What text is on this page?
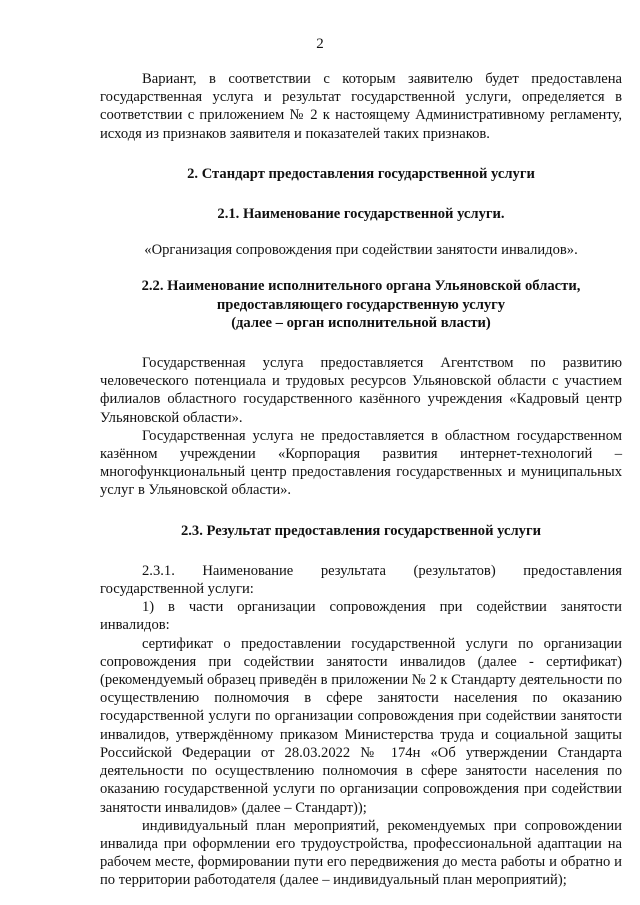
2

Вариант, в соответствии с которым заявителю будет предоставлена государственная услуга и результат государственной услуги, определяется в соответствии с приложением № 2 к настоящему Административному регламенту, исходя из признаков заявителя и показателей таких признаков.

2. Стандарт предоставления государственной услуги

2.1. Наименование государственной услуги.

«Организация сопровождения при содействии занятости инвалидов».

2.2. Наименование исполнительного органа Ульяновской области,
предоставляющего государственную услугу
(далее – орган исполнительной власти)

Государственная услуга предоставляется Агентством по развитию человеческого потенциала и трудовых ресурсов Ульяновской области с участием филиалов областного государственного казённого учреждения «Кадровый центр Ульяновской области».

Государственная услуга не предоставляется в областном государственном казённом учреждении «Корпорация развития интернет-технологий – многофункциональный центр предоставления государственных и муниципальных услуг в Ульяновской области».

2.3. Результат предоставления государственной услуги

2.3.1. Наименование результата (результатов) предоставления государственной услуги:

1) в части организации сопровождения при содействии занятости инвалидов:

сертификат о предоставлении государственной услуги по организации сопровождения при содействии занятости инвалидов (далее - сертификат) (рекомендуемый образец приведён в приложении № 2 к Стандарту деятельности по осуществлению полномочия в сфере занятости населения по оказанию государственной услуги по организации сопровождения при содействии занятости инвалидов, утверждённому приказом Министерства труда и социальной защиты Российской Федерации от 28.03.2022 № 174н «Об утверждении Стандарта деятельности по осуществлению полномочия в сфере занятости населения по оказанию государственной услуги по организации сопровождения при содействии занятости инвалидов» (далее – Стандарт));

индивидуальный план мероприятий, рекомендуемых при сопровождении инвалида при оформлении его трудоустройства, профессиональной адаптации на рабочем месте, формировании пути его передвижения до места работы и обратно и по территории работодателя (далее – индивидуальный план мероприятий);
